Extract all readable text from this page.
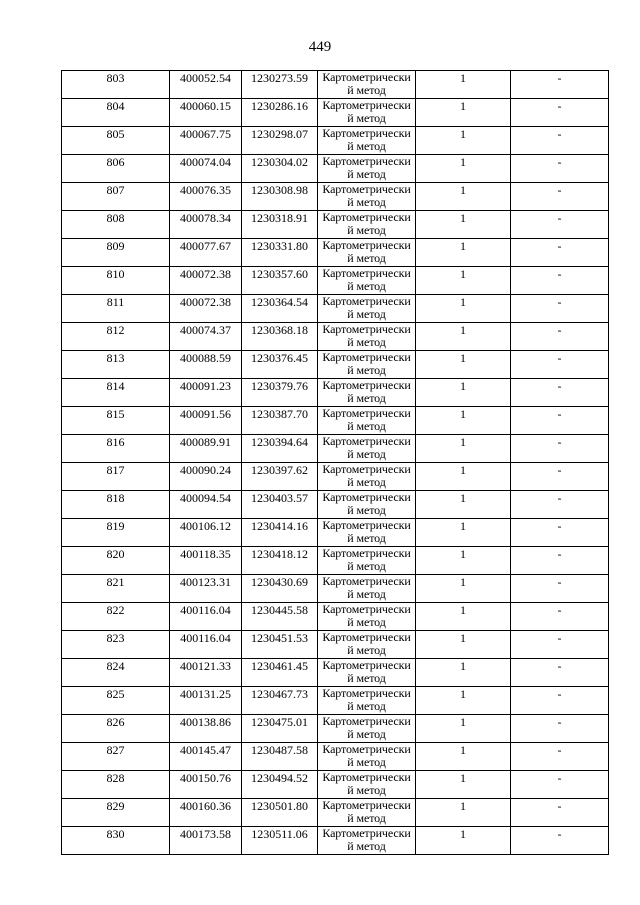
449
803	400052.54	1230273.59	Картометрически й метод	1	-
804	400060.15	1230286.16	Картометрически й метод	1	-
805	400067.75	1230298.07	Картометрически й метод	1	-
806	400074.04	1230304.02	Картометрически й метод	1	-
807	400076.35	1230308.98	Картометрически й метод	1	-
808	400078.34	1230318.91	Картометрически й метод	1	-
809	400077.67	1230331.80	Картометрически й метод	1	-
810	400072.38	1230357.60	Картометрически й метод	1	-
811	400072.38	1230364.54	Картометрически й метод	1	-
812	400074.37	1230368.18	Картометрически й метод	1	-
813	400088.59	1230376.45	Картометрически й метод	1	-
814	400091.23	1230379.76	Картометрически й метод	1	-
815	400091.56	1230387.70	Картометрически й метод	1	-
816	400089.91	1230394.64	Картометрически й метод	1	-
817	400090.24	1230397.62	Картометрически й метод	1	-
818	400094.54	1230403.57	Картометрически й метод	1	-
819	400106.12	1230414.16	Картометрически й метод	1	-
820	400118.35	1230418.12	Картометрически й метод	1	-
821	400123.31	1230430.69	Картометрически й метод	1	-
822	400116.04	1230445.58	Картометрически й метод	1	-
823	400116.04	1230451.53	Картометрически й метод	1	-
824	400121.33	1230461.45	Картометрически й метод	1	-
825	400131.25	1230467.73	Картометрически й метод	1	-
826	400138.86	1230475.01	Картометрически й метод	1	-
827	400145.47	1230487.58	Картометрически й метод	1	-
828	400150.76	1230494.52	Картометрически й метод	1	-
829	400160.36	1230501.80	Картометрически й метод	1	-
830	400173.58	1230511.06	Картометрически й метод	1	-
